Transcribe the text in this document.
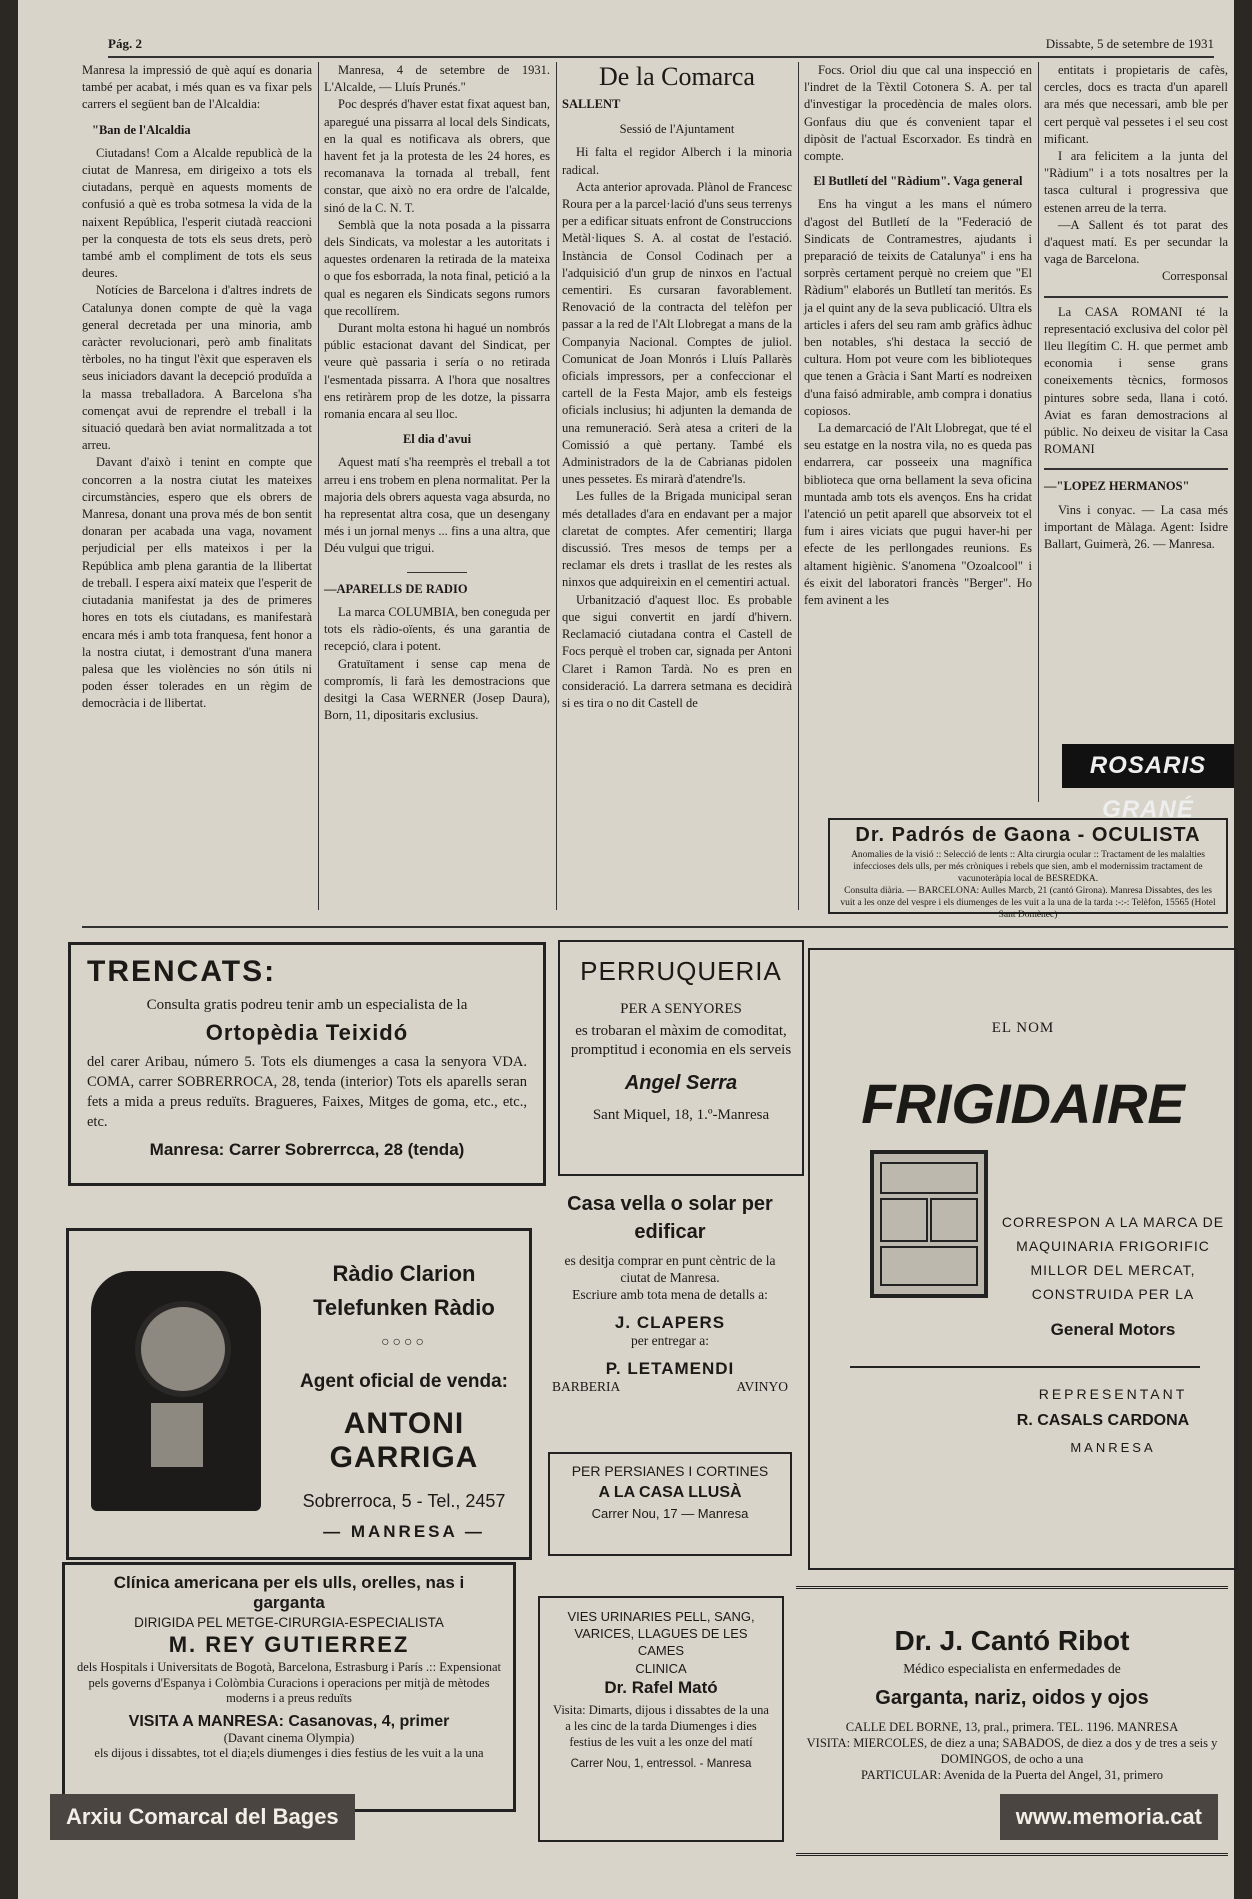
Pág. 2	Dissabte, 5 de setembre de 1931

Manresa la impressió de què aquí es donaria també per acabat, i més quan es va fixar pels carrers el següent ban de l'Alcaldia:

"Ban de l'Alcaldia

Ciutadans! Com a Alcalde republicà de la ciutat de Manresa, em dirigeixo a tots els ciutadans, perquè en aquests moments de confusió a què es troba sotmesa la vida de la naixent República, l'esperit ciutadà reaccioni per la conquesta de tots els seus drets, però també amb el compliment de tots els seus deures.

Notícies de Barcelona i d'altres indrets de Catalunya donen compte de què la vaga general decretada per una minoria, amb caràcter revolucionari, però amb finalitats tèrboles, no ha tingut l'èxit que esperaven els seus iniciadors davant la decepció produïda a la massa treballadora. A Barcelona s'ha començat avui de reprendre el treball i la situació quedarà ben aviat normalitzada a tot arreu.

Davant d'això i tenint en compte que concorren a la nostra ciutat les mateixes circumstàncies, espero que els obrers de Manresa, donant una prova més de bon sentit donaran per acabada una vaga, novament perjudicial per ells mateixos i per la República amb plena garantia de la llibertat de treball. I espera així mateix que l'esperit de ciutadania manifestat ja des de primeres hores en tots els ciutadans, es manifestarà encara més i amb tota franquesa, fent honor a la nostra ciutat, i demostrant d'una manera palesa que les violències no són útils ni poden ésser tolerades en un règim de democràcia i de llibertat.

Manresa, 4 de setembre de 1931. L'Alcalde, — Lluís Prunés."

Poc després d'haver estat fixat aquest ban, aparegué una pissarra al local dels Sindicats, en la qual es notificava als obrers, que havent fet ja la protesta de les 24 hores, es recomanava la tornada al treball, fent constar, que això no era ordre de l'alcalde, sinó de la C. N. T.

Semblà que la nota posada a la pissarra dels Sindicats, va molestar a les autoritats i aquestes ordenaren la retirada de la mateixa o que fos esborrada, la nota final, petició a la qual es negaren els Sindicats segons rumors que recollírem.

Durant molta estona hi hagué un nombrós públic estacionat davant del Sindicat, per veure què passaria i sería o no retirada l'esmentada pissarra. A l'hora que nosaltres ens retiràrem prop de les dotze, la pissarra romania encara al seu lloc.

El dia d'avui

Aquest matí s'ha reemprès el treball a tot arreu i ens trobem en plena normalitat. Per la majoria dels obrers aquesta vaga absurda, no ha representat altra cosa, que un desengany més i un jornal menys ... fins a una altra, que Déu vulgui que trigui.

—APARELLS DE RADIO

La marca COLUMBIA, ben coneguda per tots els ràdio-oïents, és una garantia de recepció, clara i potent.

Gratuïtament i sense cap mena de compromís, li farà les demostracions que desitgi la Casa WERNER (Josep Daura), Born, 11, dipositaris exclusius.

De la Comarca

SALLENT

Sessió de l'Ajuntament

Hi falta el regidor Alberch i la minoria radical.

Acta anterior aprovada. Plànol de Francesc Roura per a la parcel·lació d'uns seus terrenys per a edificar situats enfront de Construccions Metàl·liques S. A. al costat de l'estació. Instància de Consol Codinach per a l'adquisició d'un grup de ninxos en l'actual cementiri. Es cursaran favorablement. Renovació de la contracta del telèfon per passar a la red de l'Alt Llobregat a mans de la Companyia Nacional. Comptes de juliol. Comunicat de Joan Monrós i Lluís Pallarès oficials impressors, per a confeccionar el cartell de la Festa Major, amb els festeigs oficials inclusius; hi adjunten la demanda de una remuneració. Serà atesa a criteri de la Comissió a què pertany. També els Administradors de la de Cabrianas pidolen unes pessetes. Es mirarà d'atendre'ls.

Les fulles de la Brigada municipal seran més detallades d'ara en endavant per a major claretat de comptes. Afer cementiri; llarga discussió. Tres mesos de temps per a reclamar els drets i trasllat de les restes als ninxos que adquireixin en el cementiri actual.

Urbanització d'aquest lloc. Es probable que sigui convertit en jardí d'hivern. Reclamació ciutadana contra el Castell de Focs perquè el troben car, signada per Antoni Claret i Ramon Tardà. No es pren en consideració. La darrera setmana es decidirà si es tira o no dit Castell de

Focs. Oriol diu que cal una inspecció en l'indret de la Tèxtil Cotonera S. A. per tal d'investigar la procedència de males olors. Gonfaus diu que és convenient tapar el dipòsit de l'actual Escorxador. Es tindrà en compte.

El Butlletí del "Ràdium". Vaga general

Ens ha vingut a les mans el número d'agost del Butlletí de la "Federació de Sindicats de Contramestres, ajudants i preparació de teixits de Catalunya" i ens ha sorprès certament perquè no creiem que "El Ràdium" elaborés un Butlletí tan meritós. Es ja el quint any de la seva publicació. Ultra els articles i afers del seu ram amb gràfics àdhuc ben notables, s'hi destaca la secció de cultura. Hom pot veure com les biblioteques que tenen a Gràcia i Sant Martí es nodreixen d'una faisó admirable, amb compra i donatius copiosos.

La demarcació de l'Alt Llobregat, que té el seu estatge en la nostra vila, no es queda pas endarrera, car posseeix una magnífica biblioteca que orna bellament la seva oficina muntada amb tots els avenços. Ens ha cridat l'atenció un petit aparell que absorveix tot el fum i aires viciats que pugui haver-hi per efecte de les perllongades reunions. Es altament higiènic. S'anomena "Ozoalcool" i és eixit del laboratori francès "Berger". Ho fem avinent a les

entitats i propietaris de cafès, cercles, docs es tracta d'un aparell ara més que necessari, amb ble per cert perquè val pessetes i el seu cost mificant.

I ara felicitem a la junta del "Ràdium" i a tots nosaltres per la tasca cultural i progressiva que estenen arreu de la terra.

—A Sallent és tot parat des d'aquest matí. Es per secundar la vaga de Barcelona.

Corresponsal

La CASA ROMANI té la representació exclusiva del color pèl lleu llegítim C. H. que permet amb economia i sense grans coneixements tècnics, formosos pintures sobre seda, llana i cotó. Aviat es faran demostracions al públic. No deixeu de visitar la Casa ROMANI

—"LOPEZ HERMANOS"

Vins i conyac. — La casa més important de Màlaga. Agent: Isidre Ballart, Guimerà, 26. — Manresa.

ROSARIS GRANÉ
Dr. Padrós de Gaona - OCULISTA
Anomalies de la visió :: Selecció de lents :: Alta cirurgia ocular :: Tractament de les malalties infeccioses dels ulls, per més cròniques i rebels que sien, amb el modernissim tractament de vacunoteràpia local de BESREDKA.
Consulta diària. — BARCELONA: Aulles Marcb, 21 (cantó Girona). Manresa Dissabtes, des les vuit a les onze del vespre i els diumenges de les vuit a la una de la tarda :-:-: Telèfon, 15565 (Hotel Sant Domènec)
TRENCATS:
Consulta gratis podreu tenir amb un especialista de la
Ortopèdia Teixidó
del carer Aribau, número 5. Tots els diumenges a casa la senyora VDA. COMA, carrer SOBRERROCA, 28, tenda (interior) Tots els aparells seran fets a mida a preus reduïts. Bragueres, Faixes, Mitges de goma, etc., etc., etc.
Manresa: Carrer Sobrerrcca, 28 (tenda)
PERRUQUERIA
PER A SENYORES
es trobaran el màxim de comoditat, promptitud i economia en els serveis
Angel Serra
Sant Miquel, 18, 1.º-Manresa
EL NOM
FRIGIDAIRE
CORRESPON A LA MARCA DE MAQUINARIA FRIGORIFIC MILLOR DEL MERCAT, CONSTRUIDA PER LA
General Motors
REPRESENTANT
R. CASALS CARDONA
MANRESA
Ràdio Clarion
Telefunken Ràdio
○○○○
Agent oficial de venda:
ANTONI GARRIGA
Sobrerroca, 5 - Tel., 2457
— MANRESA —
Casa vella o solar per edificar
es desitja comprar en punt cèntric de la ciutat de Manresa.
Escriure amb tota mena de detalls a:
J. CLAPERS
per entregar a:
P. LETAMENDI
BARBERIA	AVINYO
PER PERSIANES I CORTINES
A LA CASA LLUSÀ
Carrer Nou, 17 — Manresa
Clínica americana per els ulls, orelles, nas i garganta
DIRIGIDA PEL METGE-CIRURGIA-ESPECIALISTA
M. REY GUTIERREZ
dels Hospitals i Universitats de Bogotà, Barcelona, Estrasburg i París .:: Expensionat pels governs d'Espanya i Colòmbia Curacions i operacions per mitjà de mètodes moderns i a preus reduïts
VISITA A MANRESA: Casanovas, 4, primer
(Davant cinema Olympia)
els dijous i dissabtes, tot el dia;els diumenges i dies festius de les vuit a la una
VIES URINARIES PELL, SANG, VARICES, LLAGUES DE LES CAMES
CLINICA
Dr. Rafel Mató
Visita: Dimarts, dijous i dissabtes de la una a les cinc de la tarda Diumenges i dies festius de les vuit a les onze del matí
Carrer Nou, 1, entressol. - Manresa
Dr. J. Cantó Ribot
Médico especialista en enfermedades de
Garganta, nariz, oidos y ojos
CALLE DEL BORNE, 13, pral., primera. TEL. 1196. MANRESA
VISITA: MIERCOLES, de diez a una; SABADOS, de diez a dos y de tres a seis y DOMINGOS, de ocho a una
PARTICULAR: Avenida de la Puerta del Angel, 31, primero
Arxiu Comarcal del Bages	www.memoria.cat
